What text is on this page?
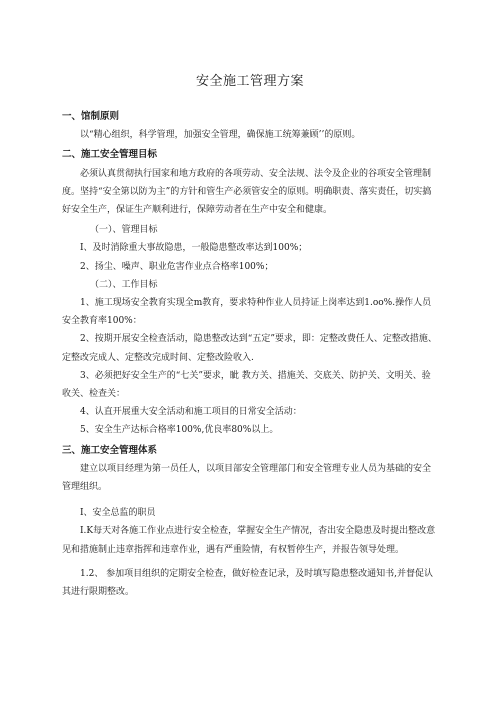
安全施工管理方案
一、馆制原则
以“精心组织，科学管理，加强安全管理，确保施工统筹兼顾’’的原则。
二、施工安全管理目标
必须认真贯彻执行国家和地方政府的各项劳动、安全法规、法令及企业的谷项安全管理制度。坚持“安全第以防为主”的方针和管生产必须管安全的原则。明确职责、落实责任，切实搞好安全生产，保证生产顺利进行，保障劳动者在生产中安全和健康。
（一）、管理目标
I、及时消除重大事故隐患，一般隐患整改率达到100%；
2、扬尘、噪声、职业危害作业点合格率100%；
（二）、工作目标
1、施工现场安全教育实现全m教育，要求特种作业人员持证上岗率达到1.oo%.操作人员安全教育率100%：
2、按期开展安全检查活动，隐患整改达到“五定”要求，即：定整改费任人、定整改措施、定整改完成人、定整改完成时间、定整改险收入.
3、必须把好安全生产的“七关”要求，眦 教方关、措施关、交底关、防护关、文明关、验收关、检查关：
4、认直开展重大安全活动和施工项目的日常安全活动：
5、安全生产达标合格率100%,优良率80%以上。
三、施工安全管理体系
建立以项目经理为第一员任人，以项目部安全管理部门和安全管理专业人员为基础的安全管理组织。
I、安全总监的职员
I.K每天对各施工作业点进行安全检查，掌握安全生产情况，杳出安全隐患及时提出整改意见和措施制止违章指挥和违章作业，遇有严重险情，有权暂停生产，并报告领导处理。
1.2、 参加项目组织的定期安全检查，做好检查记录，及时填写隐患整改通知书,并督促认其进行限期整改。
